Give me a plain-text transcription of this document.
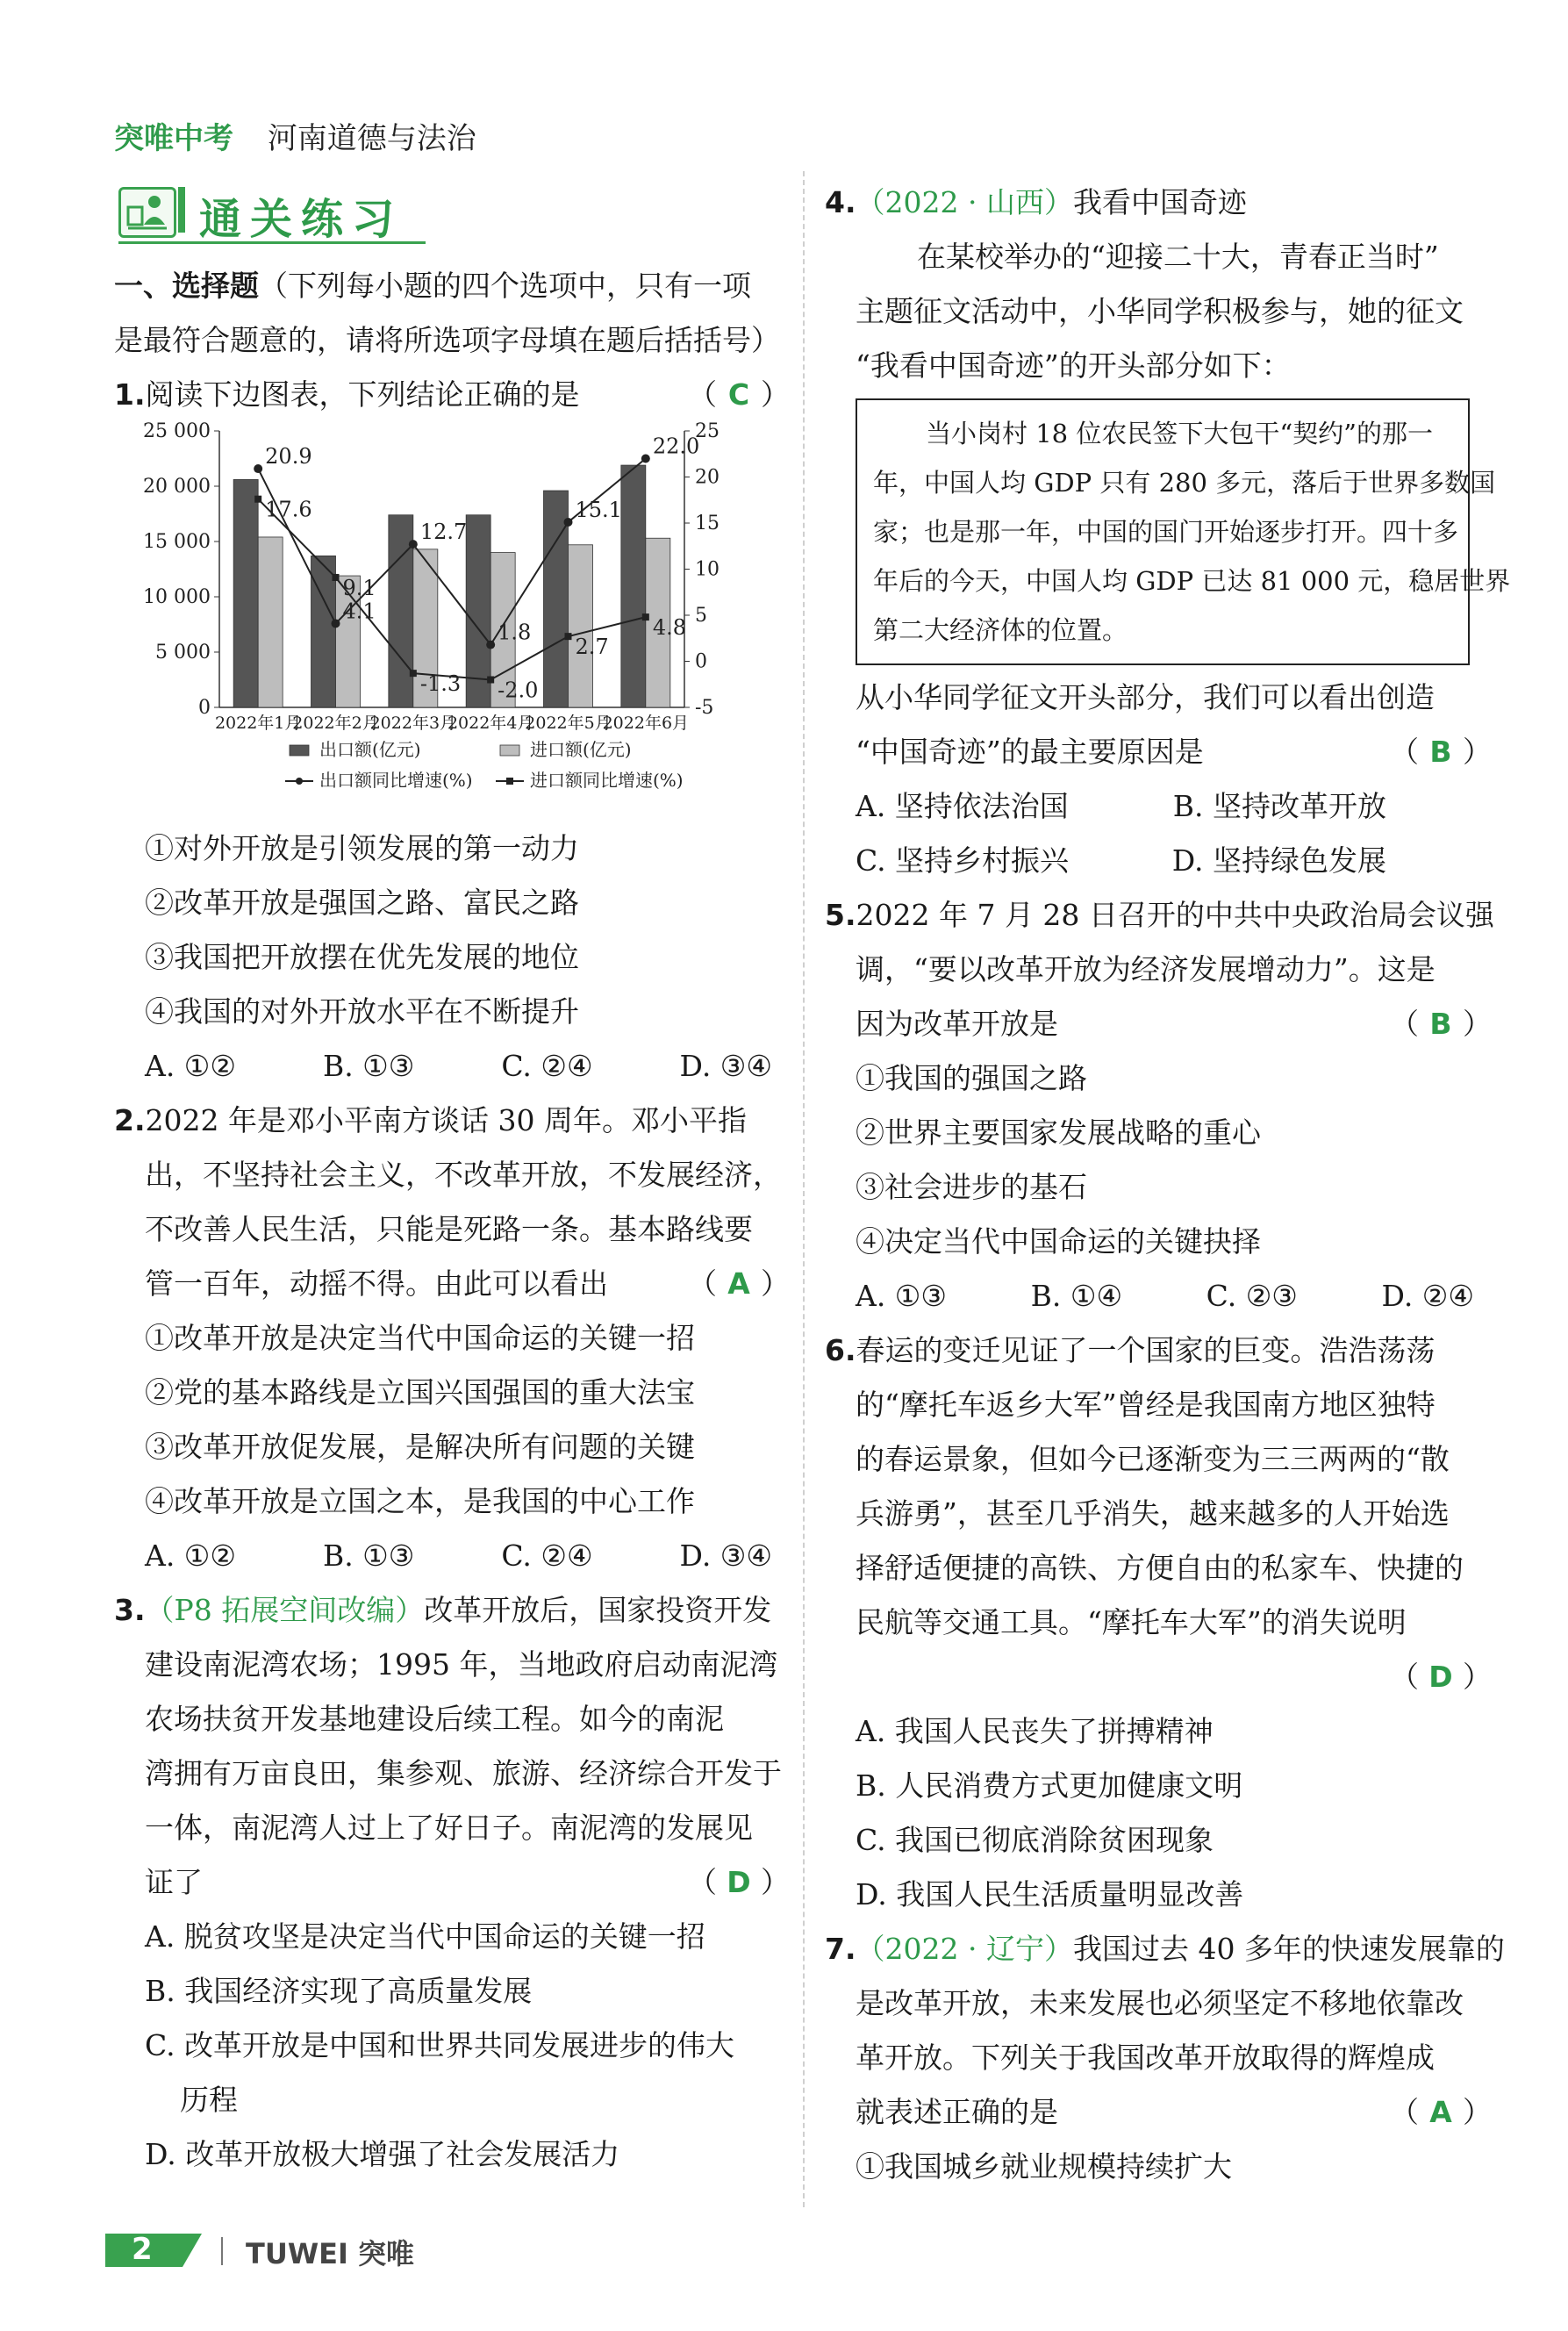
突唯中考 河南道德与法治
通关练习
一、选择题（下列每小题的四个选项中，只有一项
是最符合题意的，请将所选项字母填在题后括括号）
1.阅读下边图表，下列结论正确的是	（ C ）
0
5 000
10 000
15 000
20 000
25 000
-5
0
5
10
15
20
25
20.9
4.1
12.7
1.8
15.1
22.0
17.6
9.1
-1.3 -2.0
2.7
4.8
2022年1月
2022年2月
2022年3月
2022年4月
2022年5月
2022年6月
出口额(亿元)	进口额(亿元)
出口额同比增速(%)	进口额同比增速(%)
①对外开放是引领发展的第一动力
②改革开放是强国之路、富民之路
③我国把开放摆在优先发展的地位
④我国的对外开放水平在不断提升
A. ①②	B. ①③	C. ②④	D. ③④
2.2022 年是邓小平南方谈话 30 周年。邓小平指
出，不坚持社会主义，不改革开放，不发展经济，
不改善人民生活，只能是死路一条。基本路线要
管一百年，动摇不得。由此可以看出	（ A ）
①改革开放是决定当代中国命运的关键一招
②党的基本路线是立国兴国强国的重大法宝
③改革开放促发展，是解决所有问题的关键
④改革开放是立国之本，是我国的中心工作
A. ①②	B. ①③	C. ②④	D. ③④
3.（P8 拓展空间改编）改革开放后，国家投资开发
建设南泥湾农场；1995 年，当地政府启动南泥湾
农场扶贫开发基地建设后续工程。如今的南泥
湾拥有万亩良田，集参观、旅游、经济综合开发于
一体，南泥湾人过上了好日子。南泥湾的发展见
证了	（ D ）
A. 脱贫攻坚是决定当代中国命运的关键一招
B. 我国经济实现了高质量发展
C. 改革开放是中国和世界共同发展进步的伟大
历程
D. 改革开放极大增强了社会发展活力
4.（2022 · 山西）我看中国奇迹
在某校举办的“迎接二十大，青春正当时”
主题征文活动中，小华同学积极参与，她的征文
“我看中国奇迹”的开头部分如下：
当小岗村 18 位农民签下大包干“契约”的那一
年，中国人均 GDP 只有 280 多元，落后于世界多数国
家；也是那一年，中国的国门开始逐步打开。四十多
年后的今天，中国人均 GDP 已达 81 000 元，稳居世界
第二大经济体的位置。
从小华同学征文开头部分，我们可以看出创造
“中国奇迹”的最主要原因是	（ B ）
A. 坚持依法治国	B. 坚持改革开放
C. 坚持乡村振兴	D. 坚持绿色发展
5.2022 年 7 月 28 日召开的中共中央政治局会议强
调，“要以改革开放为经济发展增动力”。这是
因为改革开放是	（ B ）
①我国的强国之路
②世界主要国家发展战略的重心
③社会进步的基石
④决定当代中国命运的关键抉择
A. ①③	B. ①④	C. ②③	D. ②④
6.春运的变迁见证了一个国家的巨变。浩浩荡荡
的“摩托车返乡大军”曾经是我国南方地区独特
的春运景象，但如今已逐渐变为三三两两的“散
兵游勇”，甚至几乎消失，越来越多的人开始选
择舒适便捷的高铁、方便自由的私家车、快捷的
民航等交通工具。“摩托车大军”的消失说明
（ D ）

A. 我国人民丧失了拼搏精神
B. 人民消费方式更加健康文明
C. 我国已彻底消除贫困现象
D. 我国人民生活质量明显改善
7.（2022 · 辽宁）我国过去 40 多年的快速发展靠的
是改革开放，未来发展也必须坚定不移地依靠改
革开放。下列关于我国改革开放取得的辉煌成
就表述正确的是	（ A ）
①我国城乡就业规模持续扩大
2	TUWEI 突唯
